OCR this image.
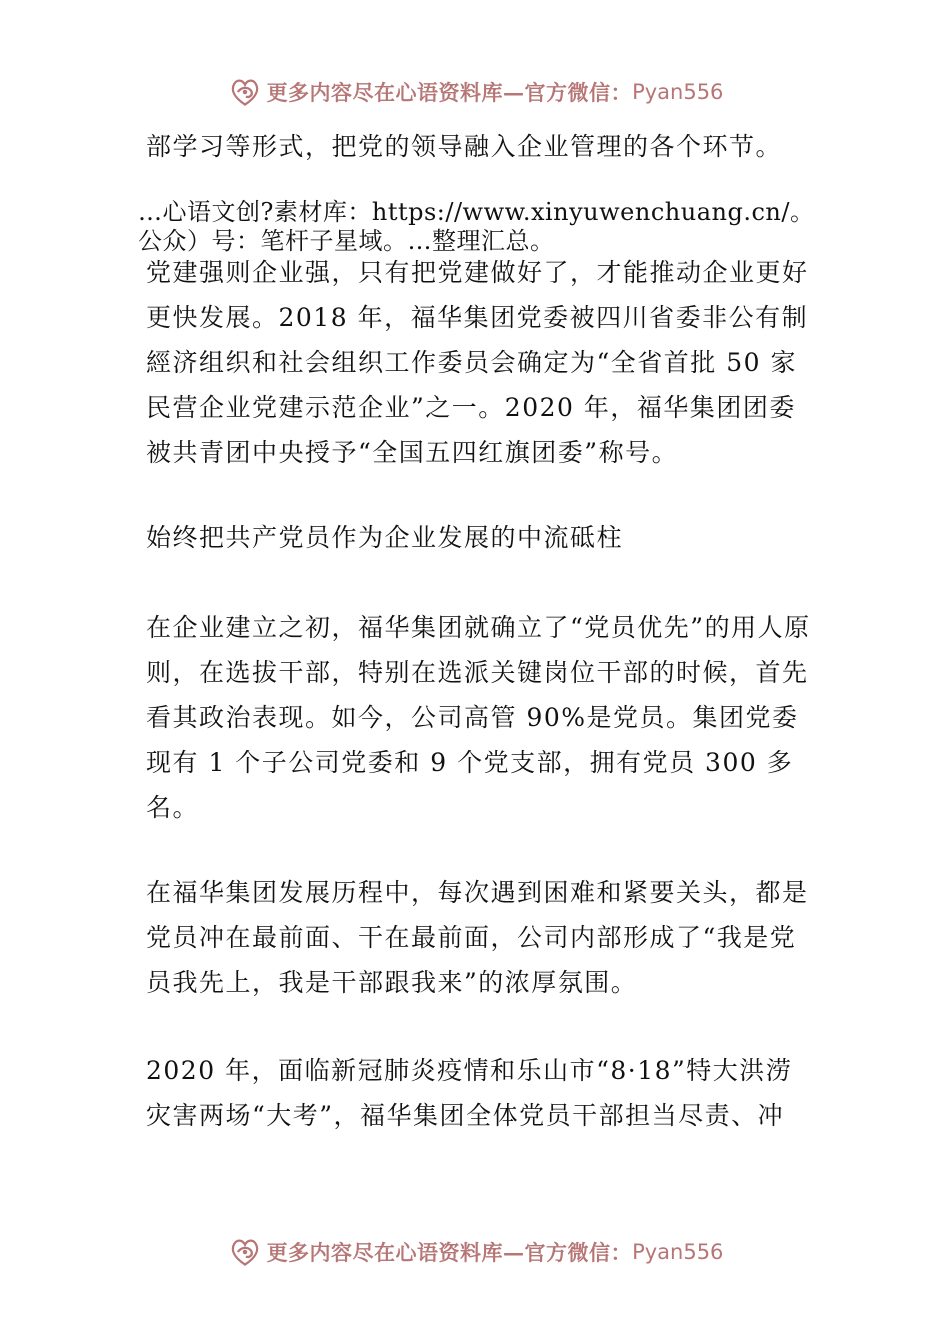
更多内容尽在心语资料库—官方微信： Pyan556

部学习等形式，把党的领导融入企业管理的各个环节。

…心语文创?素材库：https://www.xinyuwenchuang.cn/。

公众）号：笔杆子星域。…整理汇总。

党建强则企业强，只有把党建做好了，才能推动企业更好更快发展。2018 年，福华集团党委被四川省委非公有制經济组织和社会组织工作委员会确定为“全省首批 50 家民营企业党建示范企业”之一。2020 年，福华集团团委被共青团中央授予“全国五四红旗团委”称号。

始终把共产党员作为企业发展的中流砥柱

在企业建立之初，福华集团就确立了“党员优先”的用人原则，在选拔干部，特别在选派关键岗位干部的时候，首先看其政治表现。如今，公司高管 90%是党员。集团党委现有 1 个子公司党委和 9 个党支部，拥有党员 300 多名。

在福华集团发展历程中，每次遇到困难和紧要关头，都是党员冲在最前面、干在最前面，公司内部形成了“我是党员我先上，我是干部跟我来”的浓厚氛围。

2020 年，面临新冠肺炎疫情和乐山市“8·18”特大洪涝灾害两场“大考”，福华集团全体党员干部担当尽责、冲

更多内容尽在心语资料库—官方微信： Pyan556
